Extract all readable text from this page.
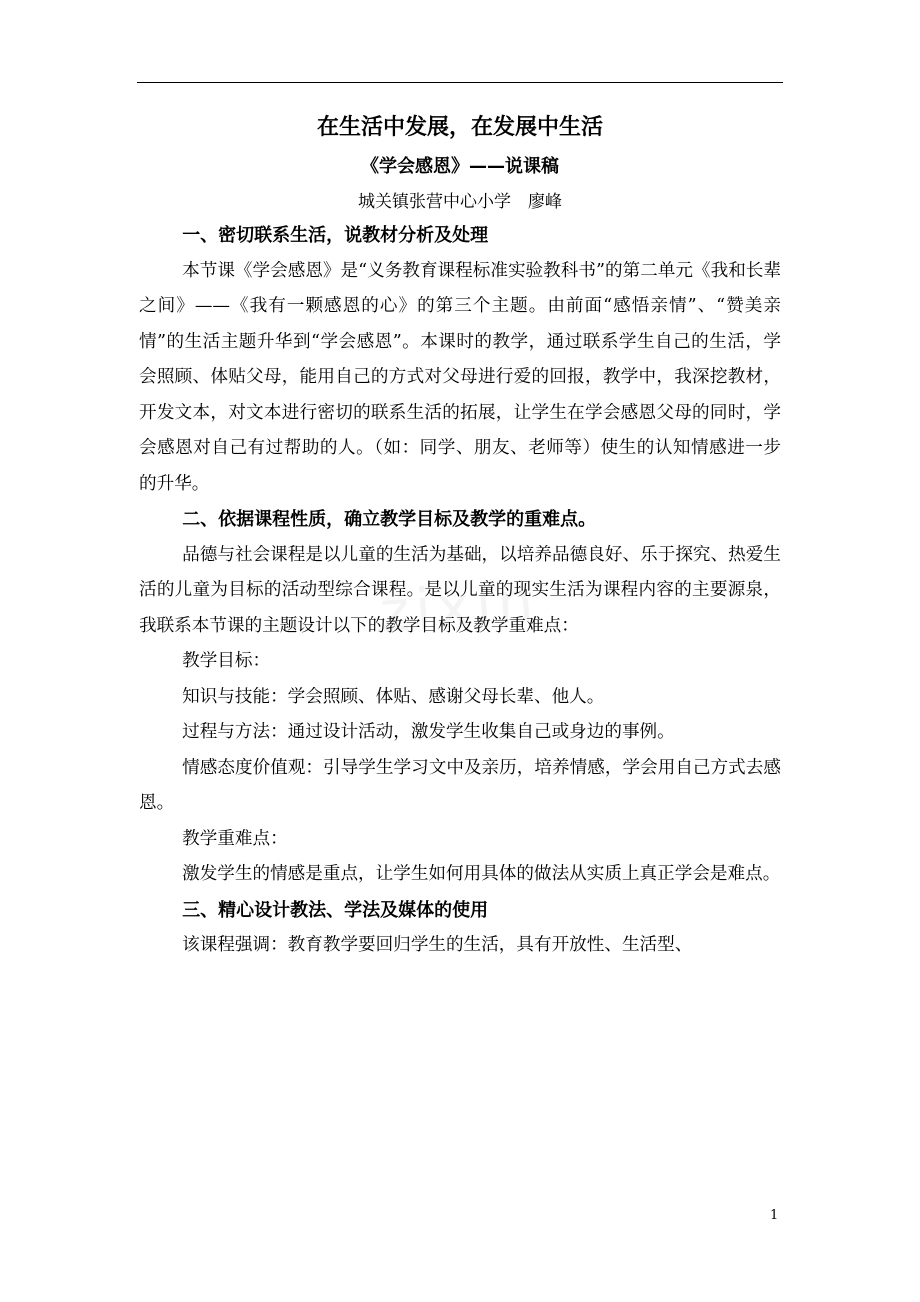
在生活中发展，在发展中生活
《学会感恩》——说课稿
城关镇张营中心小学　廖峰
一、密切联系生活，说教材分析及处理

本节课《学会感恩》是“义务教育课程标准实验教科书”的第二单元《我和长辈之间》——《我有一颗感恩的心》的第三个主题。由前面“感悟亲情”、“赞美亲情”的生活主题升华到“学会感恩”。本课时的教学，通过联系学生自己的生活，学会照顾、体贴父母，能用自己的方式对父母进行爱的回报，教学中，我深挖教材，开发文本，对文本进行密切的联系生活的拓展，让学生在学会感恩父母的同时，学会感恩对自己有过帮助的人。（如：同学、朋友、老师等）使生的认知情感进一步的升华。

二、依据课程性质，确立教学目标及教学的重难点。

品德与社会课程是以儿童的生活为基础，以培养品德良好、乐于探究、热爱生活的儿童为目标的活动型综合课程。是以儿童的现实生活为课程内容的主要源泉，我联系本节课的主题设计以下的教学目标及教学重难点：

教学目标：

知识与技能：学会照顾、体贴、感谢父母长辈、他人。

过程与方法：通过设计活动，激发学生收集自己或身边的事例。

情感态度价值观：引导学生学习文中及亲历，培养情感，学会用自己方式去感恩。

教学重难点：

激发学生的情感是重点，让学生如何用具体的做法从实质上真正学会是难点。

三、精心设计教法、学法及媒体的使用

该课程强调：教育教学要回归学生的生活，具有开放性、生活型、

1
